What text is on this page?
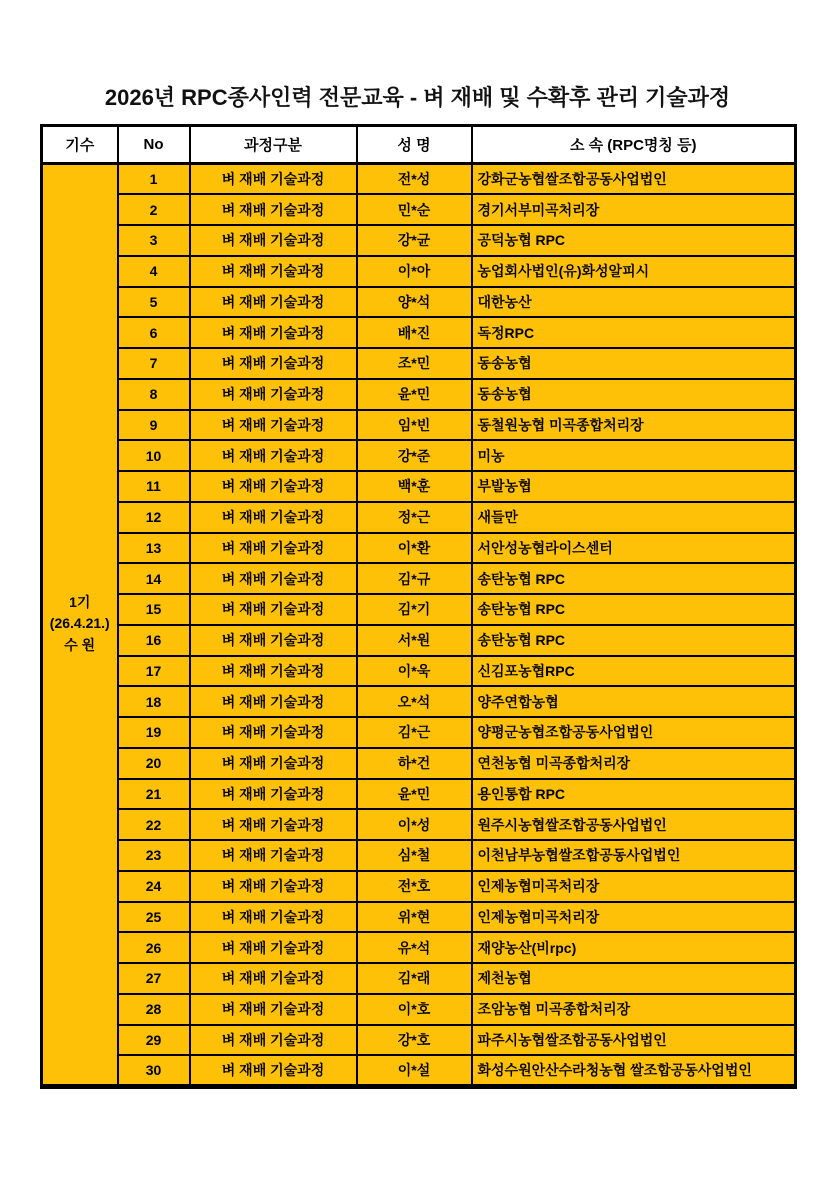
2026년 RPC종사인력 전문교육 - 벼 재배 및 수확후 관리 기술과정
기수	No	과정구분	성 명	소 속 (RPC명칭 등)

1기
(26.4.21.)
수 원	1	벼 재배 기술과정	전*성	강화군농협쌀조합공동사업법인
	2	벼 재배 기술과정	민*순	경기서부미곡처리장
	3	벼 재배 기술과정	강*균	공덕농협 RPC
	4	벼 재배 기술과정	이*아	농업회사법인(유)화성알피시
	5	벼 재배 기술과정	양*석	대한농산
	6	벼 재배 기술과정	배*진	독정RPC
	7	벼 재배 기술과정	조*민	동송농협
	8	벼 재배 기술과정	윤*민	동송농협
	9	벼 재배 기술과정	임*빈	동철원농협 미곡종합처리장
	10	벼 재배 기술과정	강*준	미농
	11	벼 재배 기술과정	백*훈	부발농협
	12	벼 재배 기술과정	정*근	새들만
	13	벼 재배 기술과정	이*환	서안성농협라이스센터
	14	벼 재배 기술과정	김*규	송탄농협 RPC
	15	벼 재배 기술과정	김*기	송탄농협 RPC
	16	벼 재배 기술과정	서*원	송탄농협 RPC
	17	벼 재배 기술과정	이*욱	신김포농협RPC
	18	벼 재배 기술과정	오*석	양주연합농협
	19	벼 재배 기술과정	김*근	양평군농협조합공동사업법인
	20	벼 재배 기술과정	하*건	연천농협 미곡종합처리장
	21	벼 재배 기술과정	윤*민	용인통합 RPC
	22	벼 재배 기술과정	이*성	원주시농협쌀조합공동사업법인
	23	벼 재배 기술과정	심*철	이천남부농협쌀조합공동사업법인
	24	벼 재배 기술과정	전*호	인제농협미곡처리장
	25	벼 재배 기술과정	위*현	인제농협미곡처리장
	26	벼 재배 기술과정	유*석	재양농산(비rpc)
	27	벼 재배 기술과정	김*래	제천농협
	28	벼 재배 기술과정	이*호	조암농협 미곡종합처리장
	29	벼 재배 기술과정	강*호	파주시농협쌀조합공동사업법인
	30	벼 재배 기술과정	이*설	화성수원안산수라청농협 쌀조합공동사업법인
